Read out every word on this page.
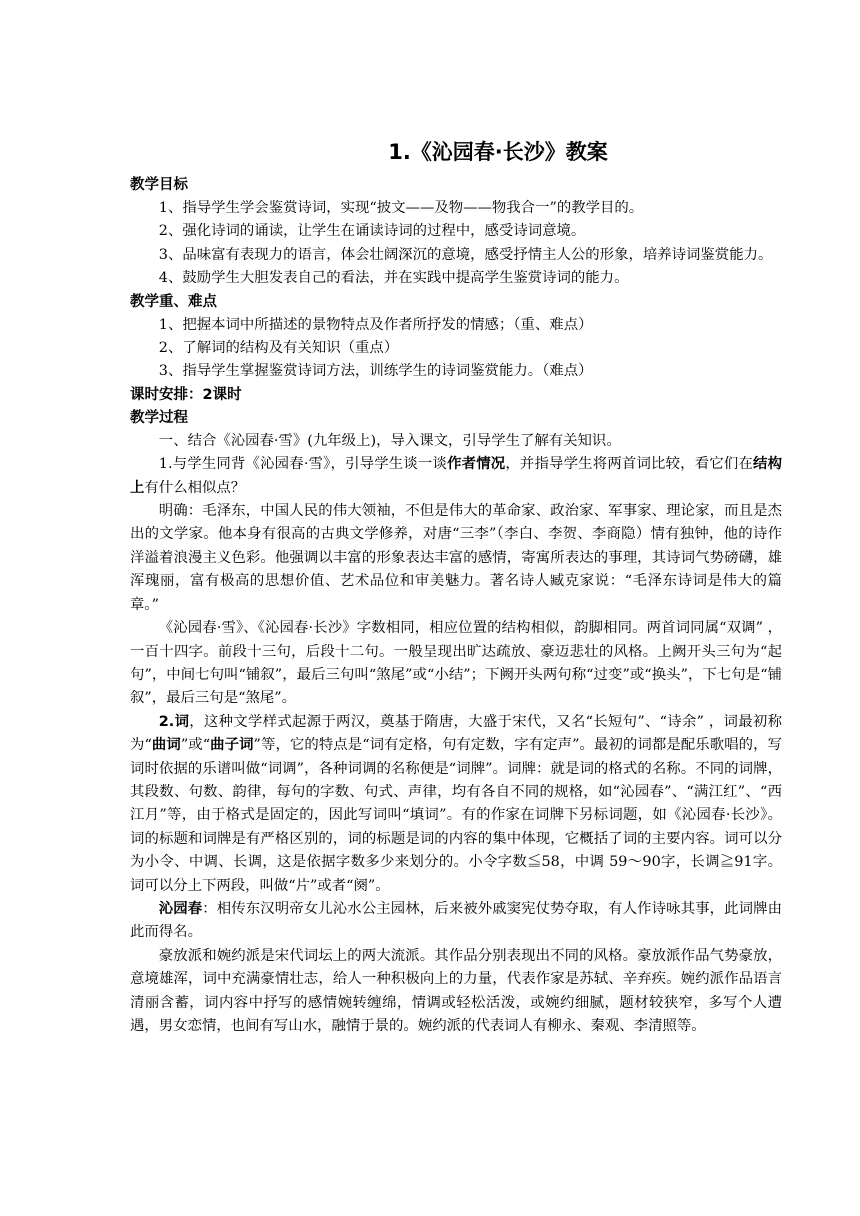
1.《沁园春·长沙》教案
教学目标

1、指导学生学会鉴赏诗词，实现“披文——及物——物我合一”的教学目的。

2、强化诗词的诵读，让学生在诵读诗词的过程中，感受诗词意境。

3、品味富有表现力的语言，体会壮阔深沉的意境，感受抒情主人公的形象，培养诗词鉴赏能力。

4、鼓励学生大胆发表自己的看法，并在实践中提高学生鉴赏诗词的能力。

教学重、难点

1、把握本词中所描述的景物特点及作者所抒发的情感；（重、难点）

2、了解词的结构及有关知识（重点）

3、指导学生掌握鉴赏诗词方法，训练学生的诗词鉴赏能力。（难点）

课时安排：2课时
教学过程

一、结合《沁园春·雪》(九年级上)，导入课文，引导学生了解有关知识。

1.与学生同背《沁园春·雪》，引导学生谈一谈作者情况，并指导学生将两首词比较，看它们在结构上有什么相似点？

明确：毛泽东，中国人民的伟大领袖，不但是伟大的革命家、政治家、军事家、理论家，而且是杰出的文学家。他本身有很高的古典文学修养，对唐“三李”（李白、李贺、李商隐）情有独钟，他的诗作洋溢着浪漫主义色彩。他强调以丰富的形象表达丰富的感情，寄寓所表达的事理，其诗词气势磅礴，雄浑瑰丽，富有极高的思想价值、艺术品位和审美魅力。著名诗人臧克家说：“毛泽东诗词是伟大的篇章。”

《沁园春·雪》、《沁园春·长沙》字数相同，相应位置的结构相似，韵脚相同。两首词同属“双调” ，一百十四字。前段十三句，后段十二句。一般呈现出旷达疏放、豪迈悲壮的风格。上阙开头三句为“起句”，中间七句叫“铺叙”，最后三句叫“煞尾”或“小结”；下阙开头两句称“过变”或“换头”，下七句是“铺叙”，最后三句是“煞尾”。

2.词，这种文学样式起源于两汉，奠基于隋唐，大盛于宋代，又名“长短句”、“诗余” ，词最初称为“曲词”或“曲子词”等，它的特点是“词有定格，句有定数，字有定声”。最初的词都是配乐歌唱的，写词时依据的乐谱叫做“词调”，各种词调的名称便是“词牌”。词牌：就是词的格式的名称。不同的词牌，其段数、句数、韵律，每句的字数、句式、声律，均有各自不同的规格，如“沁园春”、“满江红”、“西江月”等，由于格式是固定的，因此写词叫“填词”。有的作家在词牌下另标词题，如《沁园春·长沙》。词的标题和词牌是有严格区别的，词的标题是词的内容的集中体现，它概括了词的主要内容。词可以分为小令、中调、长调，这是依据字数多少来划分的。小令字数≦58，中调 59～90字，长调≧91字。词可以分上下两段，叫做“片”或者“阕”。

沁园春：相传东汉明帝女儿沁水公主园林，后来被外戚窦宪仗势夺取，有人作诗咏其事，此词牌由此而得名。

豪放派和婉约派是宋代词坛上的两大流派。其作品分别表现出不同的风格。豪放派作品气势豪放，意境雄浑，词中充满豪情壮志，给人一种积极向上的力量，代表作家是苏轼、辛弃疾。婉约派作品语言清丽含蓄，词内容中抒写的感情婉转缠绵，情调或轻松活泼，或婉约细腻，题材较狭窄，多写个人遭遇，男女恋情，也间有写山水，融情于景的。婉约派的代表词人有柳永、秦观、李清照等。
